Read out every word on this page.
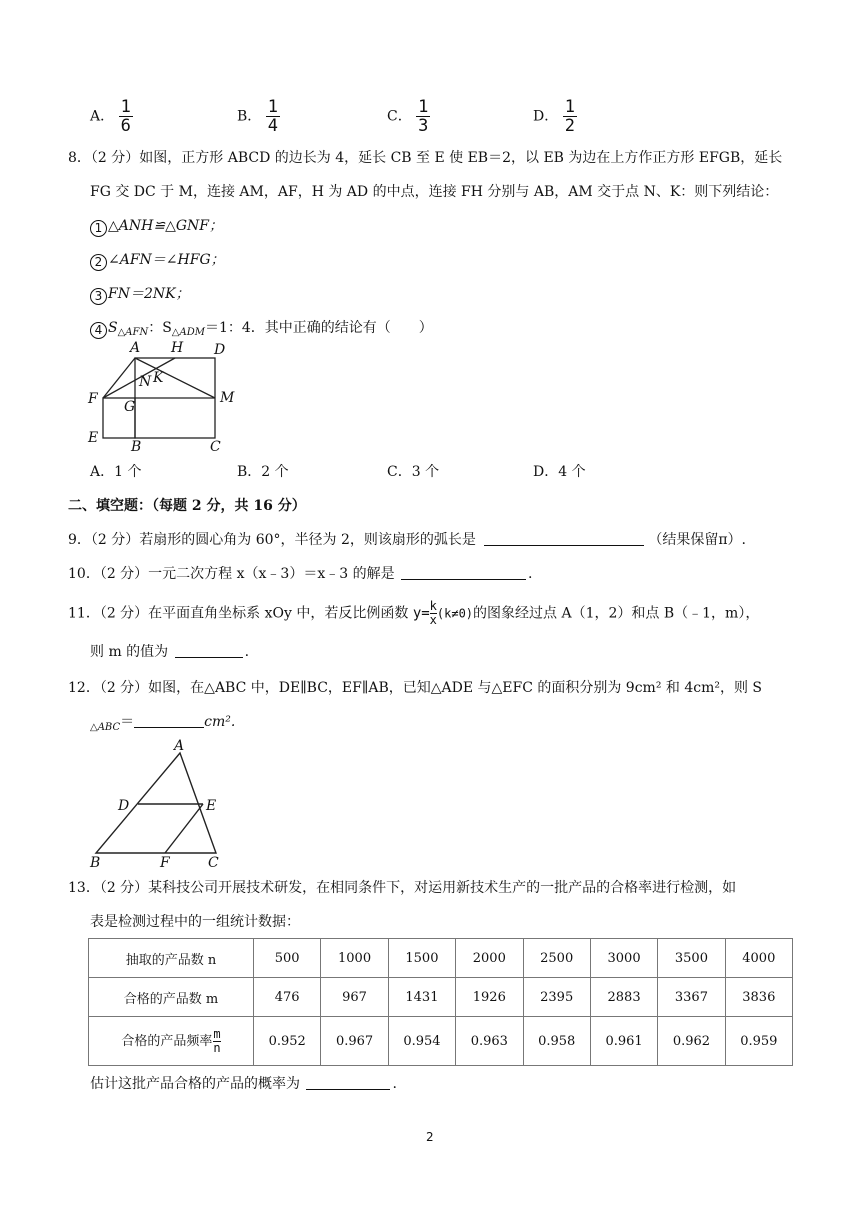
A． $\frac{1}{6}$	B． $\frac{1}{4}$	C． $\frac{1}{3}$	D． $\frac{1}{2}$
8．（2 分）如图，正方形 ABCD 的边长为 4，延长 CB 至 E 使 EB＝2，以 EB 为边在上方作正方形 EFGB，延长
FG 交 DC 于 M，连接 AM，AF，H 为 AD 的中点，连接 FH 分别与 AB，AM 交于点 N、K：则下列结论：
1 △ANH≌△GNF；
2 ∠AFN＝∠HFG；
3 FN＝2NK；
4 $S_{\triangle AFN}$：$S_{\triangle ADM}=1$：4．其中正确的结论有（　　）
A H D
N K
F G
M
E
B	C
A．1 个	B．2 个	C．3 个	D．4 个
二、填空题：（每题 2 分，共 16 分）
9．（2 分）若扇形的圆心角为 60°，半径为 2，则该扇形的弧长是	（结果保留π）.
10．（2 分）一元二次方程 x（x﹣3）＝x﹣3 的解是	.
11．（2 分）在平面直角坐标系 xOy 中，若反比例函数 $y= \frac{k}{x}(k\ne 0)$的图象经过点 A（1，2）和点 B（﹣1，m），
则 m 的值为	.
12．（2 分）如图，在△ABC 中，DE∥BC，EF∥AB，已知△ADE 与△EFC 的面积分别为 9cm² 和 4cm²，则 S
$_{\triangle ABC}$＝	cm².
A
D	E
B	F	C
13．（2 分）某科技公司开展技术研发，在相同条件下，对运用新技术生产的一批产品的合格率进行检测，如
表是检测过程中的一组统计数据：
抽取的产品数 n	500	1000	1500	2000	2500	3000	3500	4000
合格的产品数 m	476	967	1431	1926	2395	2883	3367	3836
合格的产品频率 $\frac{m}{n}$	0.952	0.967	0.954	0.963	0.958	0.961	0.962	0.959
估计这批产品合格的产品的概率为	.
2
